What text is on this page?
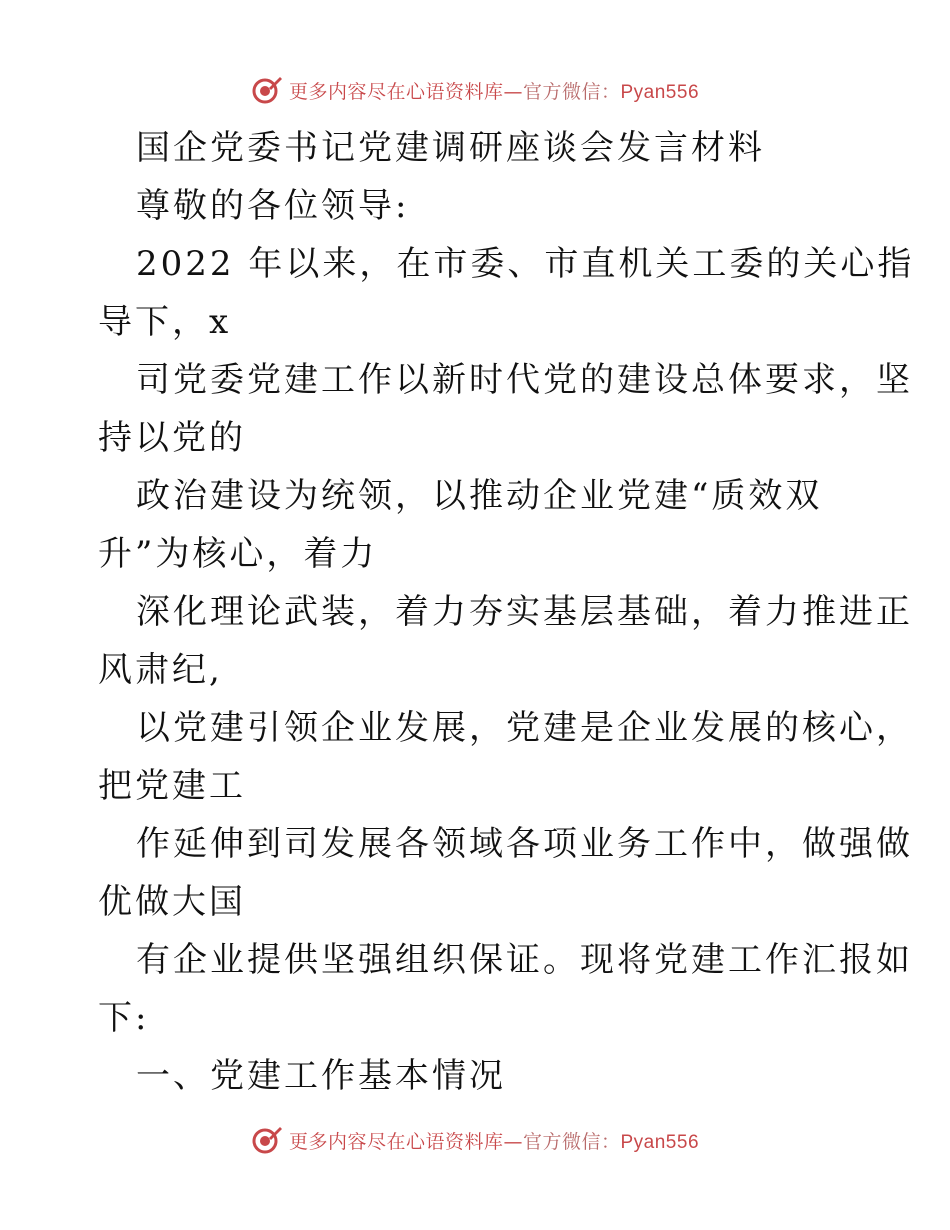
更多内容尽在心语资料库—官方微信：Pyan556
国企党委书记党建调研座谈会发言材料
尊敬的各位领导:
2022 年以来，在市委、市直机关工委的关心指
导下，x
司党委党建工作以新时代党的建设总体要求，坚
持以党的
政治建设为统领，以推动企业党建“质效双
升”为核心，着力
深化理论武装，着力夯实基层基础，着力推进正
风肃纪,
以党建引领企业发展，党建是企业发展的核心，
把党建工
作延伸到司发展各领域各项业务工作中，做强做
优做大国
有企业提供坚强组织保证。现将党建工作汇报如
下:
一、党建工作基本情况
更多内容尽在心语资料库—官方微信：Pyan556
